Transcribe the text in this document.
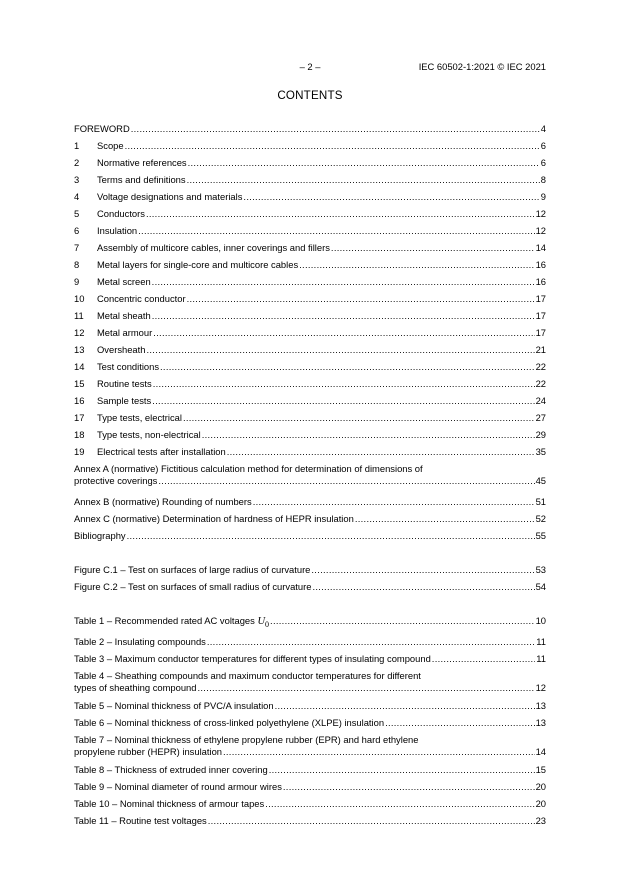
– 2 –	IEC 60502-1:2021 © IEC 2021
CONTENTS
FOREWORD .....	4
1	Scope .....	6
2	Normative references .....	6
3	Terms and definitions .....	8
4	Voltage designations and materials .....	9
5	Conductors .....	12
6	Insulation .....	12
7	Assembly of multicore cables, inner coverings and fillers .....	14
8	Metal layers for single-core and multicore cables .....	16
9	Metal screen .....	16
10	Concentric conductor .....	17
11	Metal sheath .....	17
12	Metal armour .....	17
13	Oversheath .....	21
14	Test conditions .....	22
15	Routine tests .....	22
16	Sample tests .....	24
17	Type tests, electrical .....	27
18	Type tests, non-electrical .....	29
19	Electrical tests after installation .....	35
Annex A (normative) Fictitious calculation method for determination of dimensions of
protective coverings .....	45
Annex B (normative) Rounding of numbers .....	51
Annex C (normative) Determination of hardness of HEPR insulation .....	52
Bibliography .....	55
Figure C.1 – Test on surfaces of large radius of curvature .....	53
Figure C.2 – Test on surfaces of small radius of curvature .....	54
Table 1 – Recommended rated AC voltages
$U_0$ .....	10
Table 2 – Insulating compounds .....	11
Table 3 – Maximum conductor temperatures for different types of insulating compound .....	11
Table 4 – Sheathing compounds and maximum conductor temperatures for different
types of sheathing compound .....	12
Table 5 – Nominal thickness of PVC/A insulation .....	13
Table 6 – Nominal thickness of cross-linked polyethylene (XLPE) insulation .....	13
Table 7 – Nominal thickness of ethylene propylene rubber (EPR) and hard ethylene
propylene rubber (HEPR) insulation .....	14
Table 8 – Thickness of extruded inner covering .....	15
Table 9 – Nominal diameter of round armour wires .....	20
Table 10 – Nominal thickness of armour tapes .....	20
Table 11 – Routine test voltages .....	23
